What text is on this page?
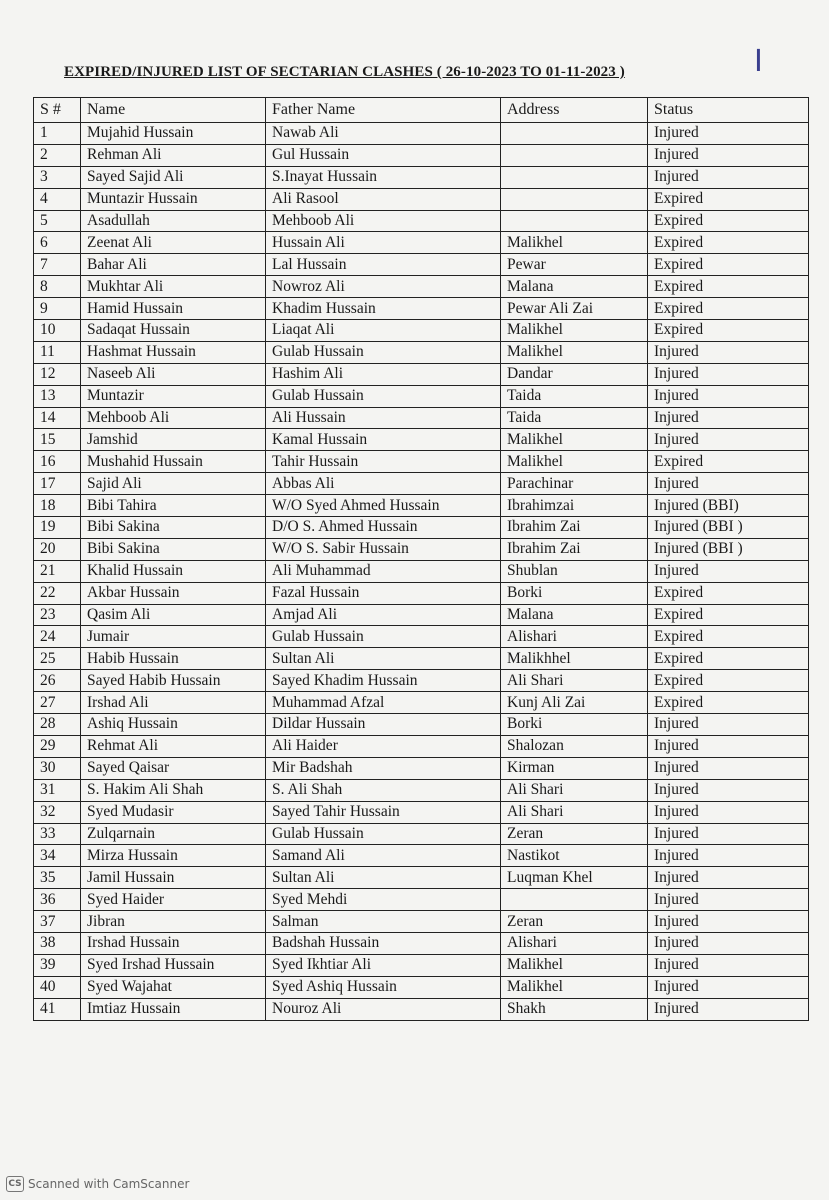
EXPIRED/INJURED LIST OF SECTARIAN CLASHES ( 26-10-2023 TO 01-11-2023 )	I
S #	Name	Father Name	Address	Status
1	Mujahid Hussain	Nawab Ali		Injured
2	Rehman Ali	Gul Hussain		Injured
3	Sayed Sajid Ali	S.Inayat Hussain		Injured
4	Muntazir Hussain	Ali Rasool		Expired
5	Asadullah	Mehboob Ali		Expired
6	Zeenat Ali	Hussain Ali	Malikhel	Expired
7	Bahar Ali	Lal Hussain	Pewar	Expired
8	Mukhtar Ali	Nowroz Ali	Malana	Expired
9	Hamid Hussain	Khadim Hussain	Pewar Ali Zai	Expired
10	Sadaqat Hussain	Liaqat Ali	Malikhel	Expired
11	Hashmat Hussain	Gulab Hussain	Malikhel	Injured
12	Naseeb Ali	Hashim Ali	Dandar	Injured
13	Muntazir	Gulab Hussain	Taida	Injured
14	Mehboob Ali	Ali Hussain	Taida	Injured
15	Jamshid	Kamal Hussain	Malikhel	Injured
16	Mushahid Hussain	Tahir Hussain	Malikhel	Expired
17	Sajid Ali	Abbas Ali	Parachinar	Injured
18	Bibi Tahira	W/O Syed Ahmed Hussain	Ibrahimzai	Injured (BBI)
19	Bibi Sakina	D/O S. Ahmed Hussain	Ibrahim Zai	Injured (BBI )
20	Bibi Sakina	W/O S. Sabir Hussain	Ibrahim Zai	Injured (BBI )
21	Khalid Hussain	Ali Muhammad	Shublan	Injured
22	Akbar Hussain	Fazal Hussain	Borki	Expired
23	Qasim Ali	Amjad Ali	Malana	Expired
24	Jumair	Gulab Hussain	Alishari	Expired
25	Habib Hussain	Sultan Ali	Malikhhel	Expired
26	Sayed Habib Hussain	Sayed Khadim Hussain	Ali Shari	Expired
27	Irshad Ali	Muhammad Afzal	Kunj Ali Zai	Expired
28	Ashiq Hussain	Dildar Hussain	Borki	Injured
29	Rehmat Ali	Ali Haider	Shalozan	Injured
30	Sayed Qaisar	Mir Badshah	Kirman	Injured
31	S. Hakim Ali Shah	S. Ali Shah	Ali Shari	Injured
32	Syed Mudasir	Sayed Tahir Hussain	Ali Shari	Injured
33	Zulqarnain	Gulab Hussain	Zeran	Injured
34	Mirza Hussain	Samand Ali	Nastikot	Injured
35	Jamil Hussain	Sultan Ali	Luqman Khel	Injured
36	Syed Haider	Syed Mehdi		Injured
37	Jibran	Salman	Zeran	Injured
38	Irshad Hussain	Badshah Hussain	Alishari	Injured
39	Syed Irshad Hussain	Syed Ikhtiar Ali	Malikhel	Injured
40	Syed Wajahat	Syed Ashiq Hussain	Malikhel	Injured
41	Imtiaz Hussain	Nouroz Ali	Shakh	Injured
CS Scanned with CamScanner
